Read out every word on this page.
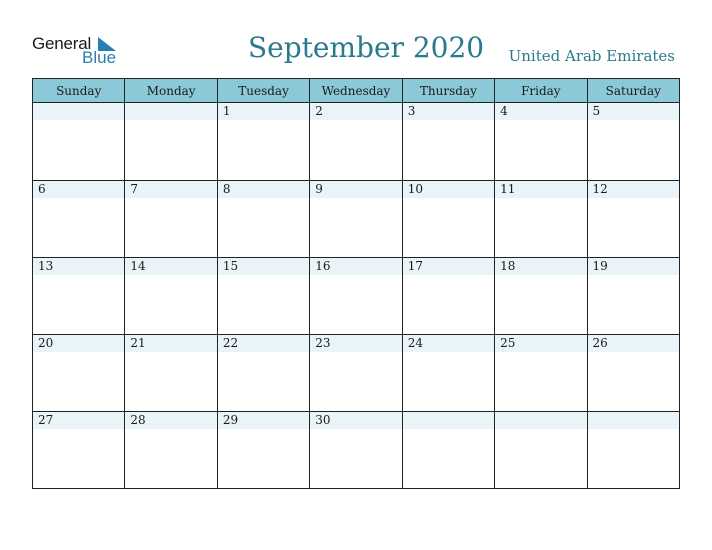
General
Blue	September 2020 United Arab Emirates
Sunday	Monday	Tuesday	Wednesday	Thursday	Friday	Saturday

		1	2	3	4	5

6	7	8	9	10	11	12

13	14	15	16	17	18	19

20	21	22	23	24	25	26

27	28	29	30			
